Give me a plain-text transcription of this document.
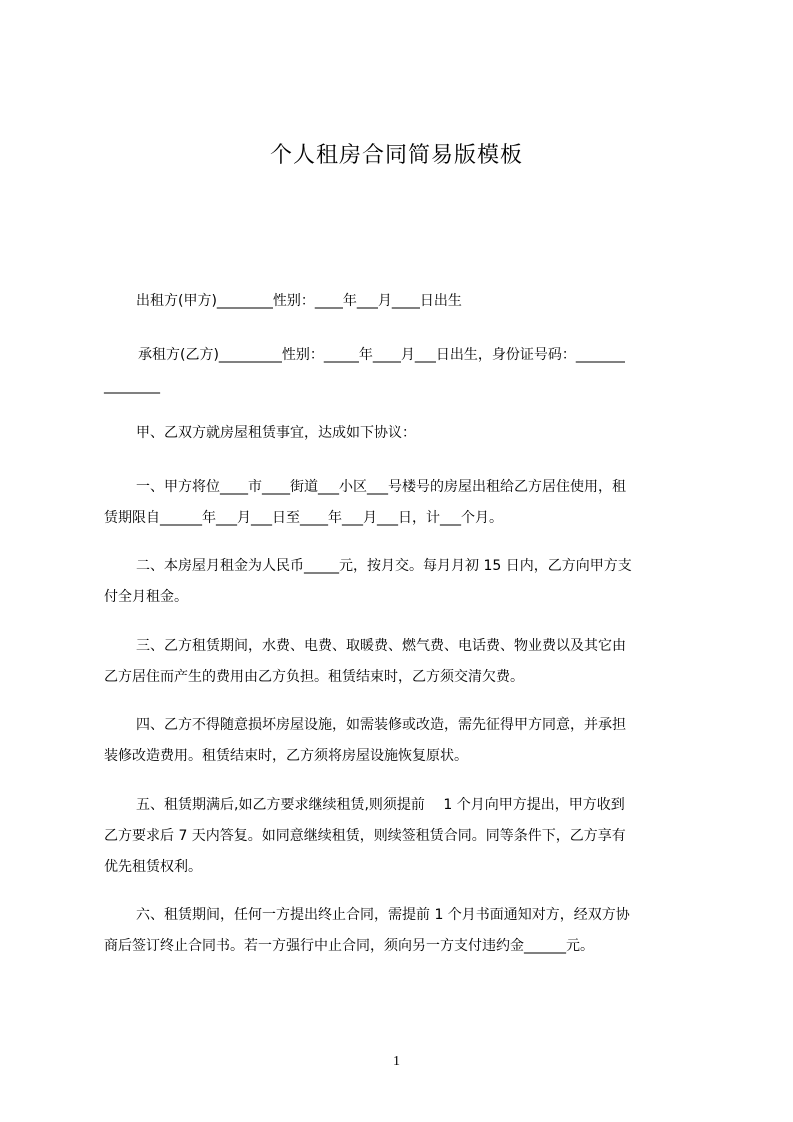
个人租房合同简易版模板

出租方(甲方)________性别：____年___月____日出生

承租方(乙方)_________性别：_____年____月___日出生，身份证号码：_______
________

甲、乙双方就房屋租赁事宜，达成如下协议：

一、甲方将位____市____街道___小区___号楼号的房屋出租给乙方居住使用，租
赁期限自______年___月___日至____年___月___日，计___个月。

二、本房屋月租金为人民币_____元，按月交。每月月初 15 日内，乙方向甲方支
付全月租金。

三、乙方租赁期间，水费、电费、取暖费、燃气费、电话费、物业费以及其它由
乙方居住而产生的费用由乙方负担。租赁结束时，乙方须交清欠费。

四、乙方不得随意损坏房屋设施，如需装修或改造，需先征得甲方同意，并承担
装修改造费用。租赁结束时，乙方须将房屋设施恢复原状。

五、租赁期满后,如乙方要求继续租赁,则须提前　 1 个月向甲方提出，甲方收到
乙方要求后 7 天内答复。如同意继续租赁，则续签租赁合同。同等条件下，乙方享有
优先租赁权利。

六、租赁期间，任何一方提出终止合同，需提前 1 个月书面通知对方，经双方协
商后签订终止合同书。若一方强行中止合同，须向另一方支付违约金______元。

1
